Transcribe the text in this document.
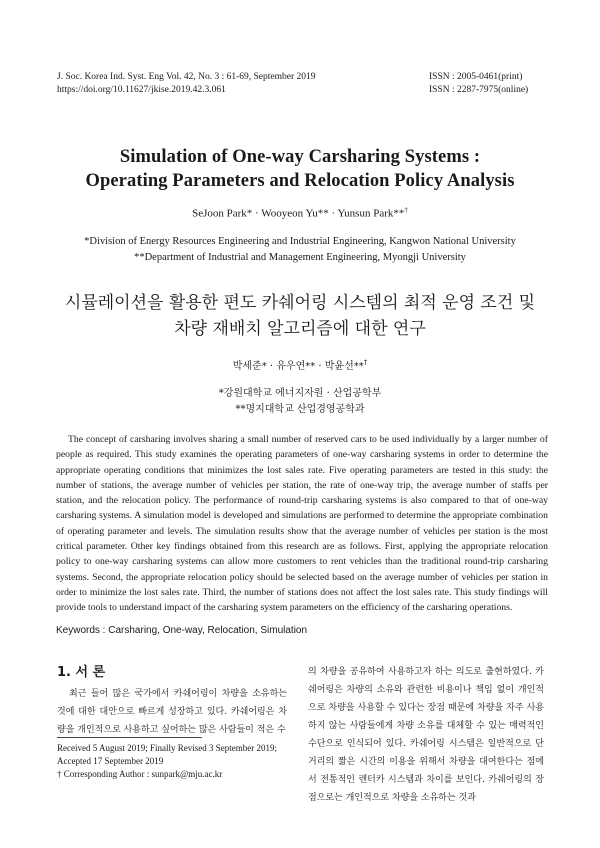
J. Soc. Korea Ind. Syst. Eng Vol. 42, No. 3 : 61-69, September 2019
https://doi.org/10.11627/jkise.2019.42.3.061
ISSN : 2005-0461(print)
ISSN : 2287-7975(online)
Simulation of One-way Carsharing Systems :
Operating Parameters and Relocation Policy Analysis
SeJoon Park* · Wooyeon Yu** · Yunsun Park**†
*Division of Energy Resources Engineering and Industrial Engineering, Kangwon National University
**Department of Industrial and Management Engineering, Myongji University
시뮬레이션을 활용한 편도 카쉐어링 시스템의 최적 운영 조건 및
차량 재배치 알고리즘에 대한 연구
박세준* · 유우연** · 박윤선**†
*강원대학교 에너지자원 · 산업공학부
**명지대학교 산업경영공학과
The concept of carsharing involves sharing a small number of reserved cars to be used individually by a larger number of people as required. This study examines the operating parameters of one-way carsharing systems in order to determine the appropriate operating conditions that minimizes the lost sales rate. Five operating parameters are tested in this study: the number of stations, the average number of vehicles per station, the rate of one-way trip, the average number of staffs per station, and the relocation policy. The performance of round-trip carsharing systems is also compared to that of one-way carsharing systems. A simulation model is developed and simulations are performed to determine the appropriate combination of operating parameter and levels. The simulation results show that the average number of vehicles per station is the most critical parameter. Other key findings obtained from this research are as follows. First, applying the appropriate relocation policy to one-way carsharing systems can allow more customers to rent vehicles than the traditional round-trip carsharing systems. Second, the appropriate relocation policy should be selected based on the average number of vehicles per station in order to minimize the lost sales rate. Third, the number of stations does not affect the lost sales rate. This study findings will provide tools to understand impact of the carsharing system parameters on the efficiency of the carsharing operations.
Keywords : Carsharing, One-way, Relocation, Simulation
1. 서 론
최근 들어 많은 국가에서 카쉐어링이 차량을 소유하는 것에 대한 대안으로 빠르게 성장하고 있다. 카쉐어링은 차량을 개인적으로 사용하고 싶어하는 많은 사람들이 적은 수
의 차량을 공유하여 사용하고자 하는 의도로 출현하였다. 카쉐어링은 차량의 소유와 관련한 비용이나 책임 없이 개인적으로 차량을 사용할 수 있다는 장점 때문에 차량을 자주 사용하지 않는 사람들에게 차량 소유를 대체할 수 있는 매력적인 수단으로 인식되어 있다. 카쉐어링 시스템은 일반적으로 단거리의 짧은 시간의 이용을 위해서 차량을 대여한다는 점에서 전통적인 렌터카 시스템과 차이를 보인다. 카쉐어링의 장점으로는 개인적으로 차량을 소유하는 것과
Received 5 August 2019; Finally Revised 3 September 2019;
Accepted 17 September 2019
† Corresponding Author : sunpark@mju.ac.kr
